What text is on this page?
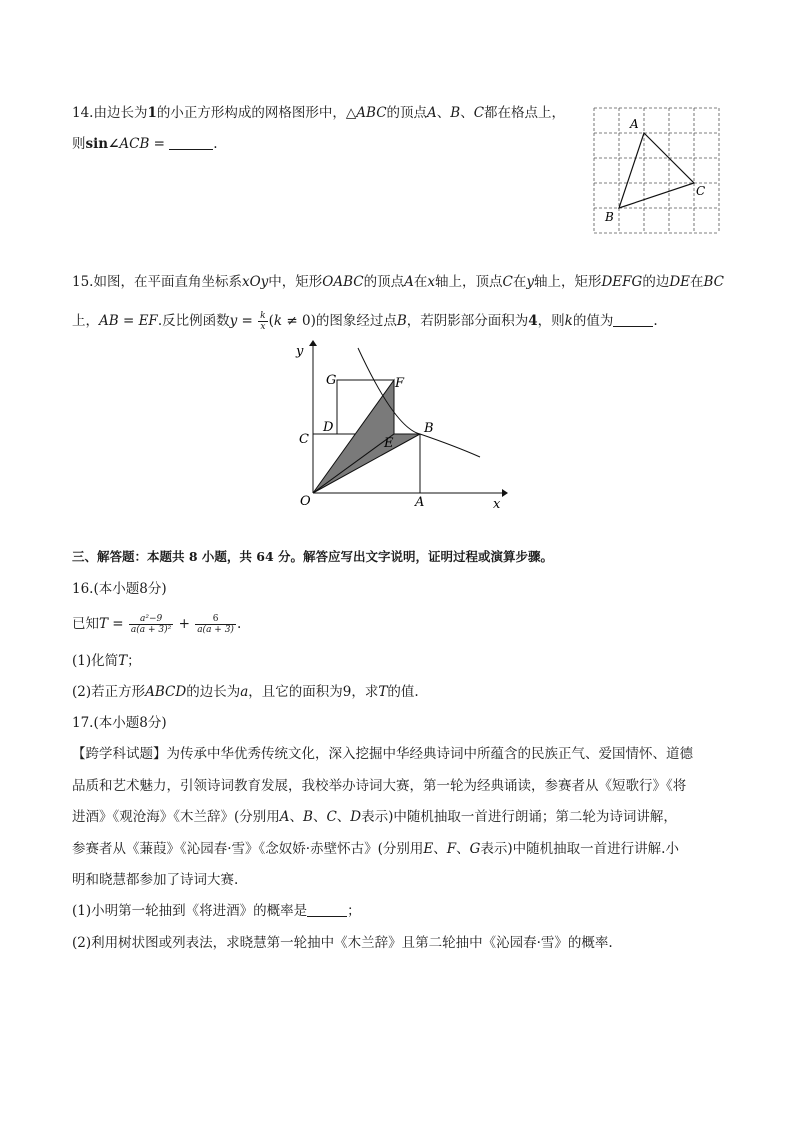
14.由边长为1的小正方形构成的网格图形中，△ABC的顶点A、B、C都在格点上，
则sin∠ACB =	.
A
C
B
15.如图，在平面直角坐标系xOy中，矩形OABC的顶点A在x轴上，顶点C在y轴上，矩形DEFG的边DE在BC
上，AB = EF.反比例函数$y = \frac{k}{x} (k \ne 0)$的图象经过点B，若阴影部分面积为4，则k的值为	.
y
x
O	A
B
C
D
E
F
G
三、解答题：本题共 8 小题，共 64 分。解答应写出文字说明，证明过程或演算步骤。
16.(本小题8分)
已知$T = \frac{\text{a²−9}}{\text{a(a + 3)²}} + \frac{6}{a(a + 3)}$ .
(1)化简T；
(2)若正方形ABCD的边长为a，且它的面积为9，求T的值.
17.(本小题8分)
【跨学科试题】为传承中华优秀传统文化，深入挖掘中华经典诗词中所蕴含的民族正气、爱国情怀、道德
品质和艺术魅力，引领诗词教育发展，我校举办诗词大赛，第一轮为经典诵读，参赛者从《短歌行》《将
进酒》《观沧海》《木兰辞》(分别用A、B、C、D表示)中随机抽取一首进行朗诵；第二轮为诗词讲解，
参赛者从《蒹葭》《沁园春·雪》《念奴娇·赤壁怀古》(分别用E、F、G表示)中随机抽取一首进行讲解.小
明和晓慧都参加了诗词大赛.
(1)小明第一轮抽到《将进酒》的概率是	；
(2)利用树状图或列表法，求晓慧第一轮抽中《木兰辞》且第二轮抽中《沁园春·雪》的概率.
